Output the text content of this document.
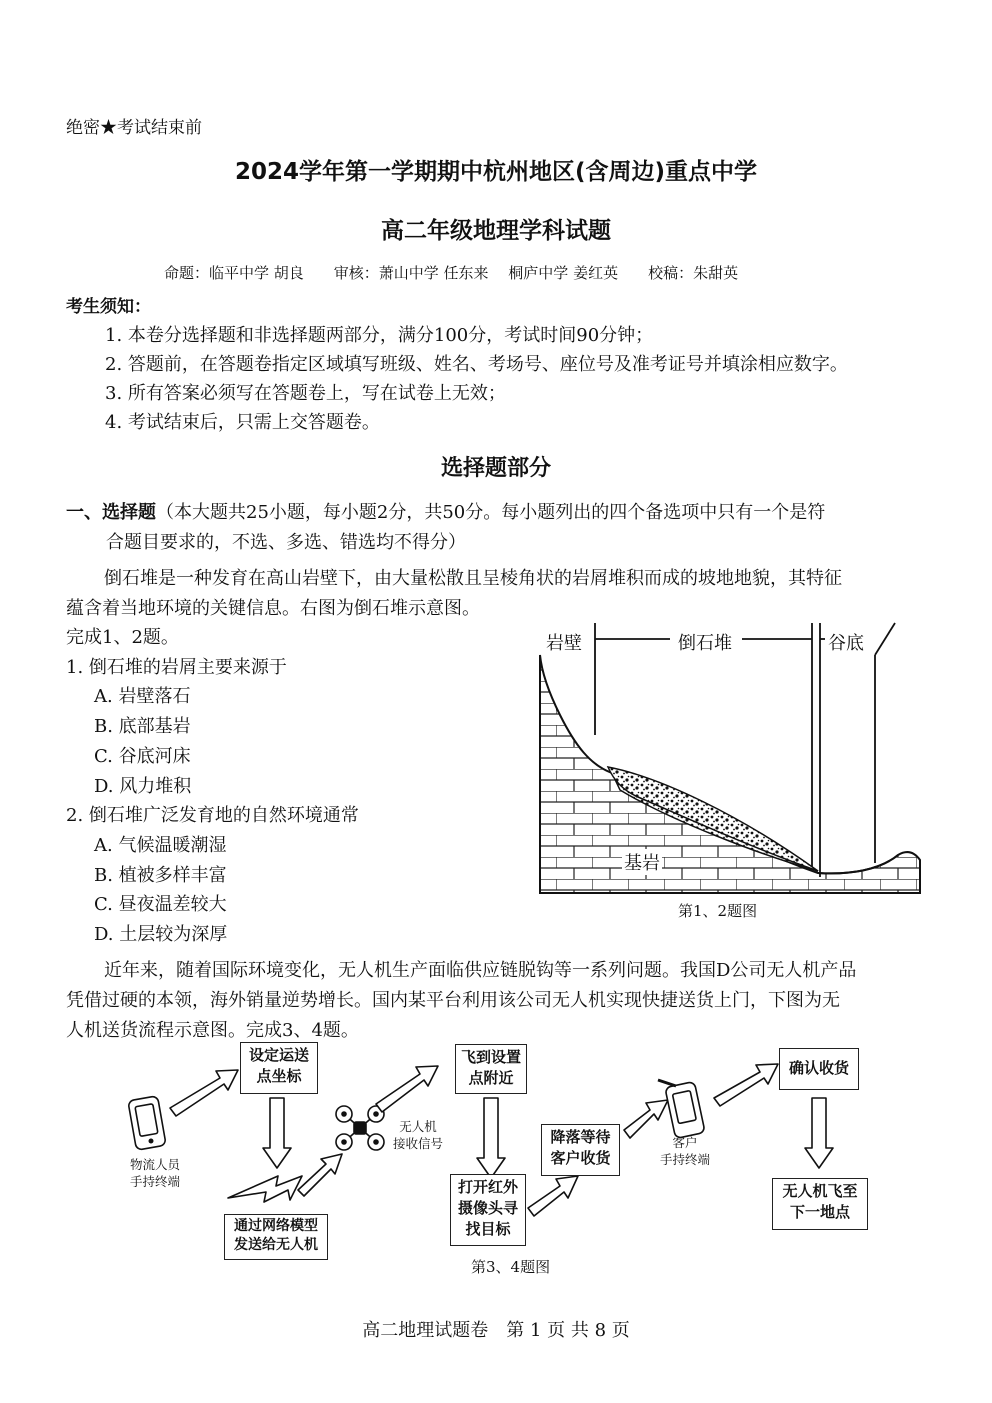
绝密★考试结束前
2024学年第一学期期中杭州地区(含周边)重点中学
高二年级地理学科试题
命题：临平中学 胡良　　审核：萧山中学 任东来　 桐庐中学 姜红英　　校稿：朱甜英
考生须知：
1. 本卷分选择题和非选择题两部分，满分100分，考试时间90分钟；
2. 答题前，在答题卷指定区域填写班级、姓名、考场号、座位号及准考证号并填涂相应数字。
3. 所有答案必须写在答题卷上，写在试卷上无效；
4. 考试结束后，只需上交答题卷。
选择题部分
一、选择题（本大题共25小题，每小题2分，共50分。每小题列出的四个备选项中只有一个是符
合题目要求的，不选、多选、错选均不得分）
倒石堆是一种发育在高山岩壁下，由大量松散且呈棱角状的岩屑堆积而成的坡地地貌，其特征
蕴含着当地环境的关键信息。右图为倒石堆示意图。
完成1、2题。
1. 倒石堆的岩屑主要来源于
A. 岩壁落石
B. 底部基岩
C. 谷底河床
D. 风力堆积
2. 倒石堆广泛发育地的自然环境通常
A. 气候温暖潮湿
B. 植被多样丰富
C. 昼夜温差较大
D. 土层较为深厚
岩壁	倒石堆	谷底
基岩
第1、2题图
近年来，随着国际环境变化，无人机生产面临供应链脱钩等一系列问题。我国D公司无人机产品
凭借过硬的本领，海外销量逆势增长。国内某平台利用该公司无人机实现快捷送货上门，下图为无
人机送货流程示意图。完成3、4题。
设定运送
点坐标
通过网络模型
发送给无人机
飞到设置
点附近
打开红外
摄像头寻
找目标
降落等待
客户收货
确认收货
无人机飞至
下一地点
物流人员
手持终端
无人机
接收信号	客户
手持终端
第3、4题图
高二地理试题卷　第 1 页 共 8 页
